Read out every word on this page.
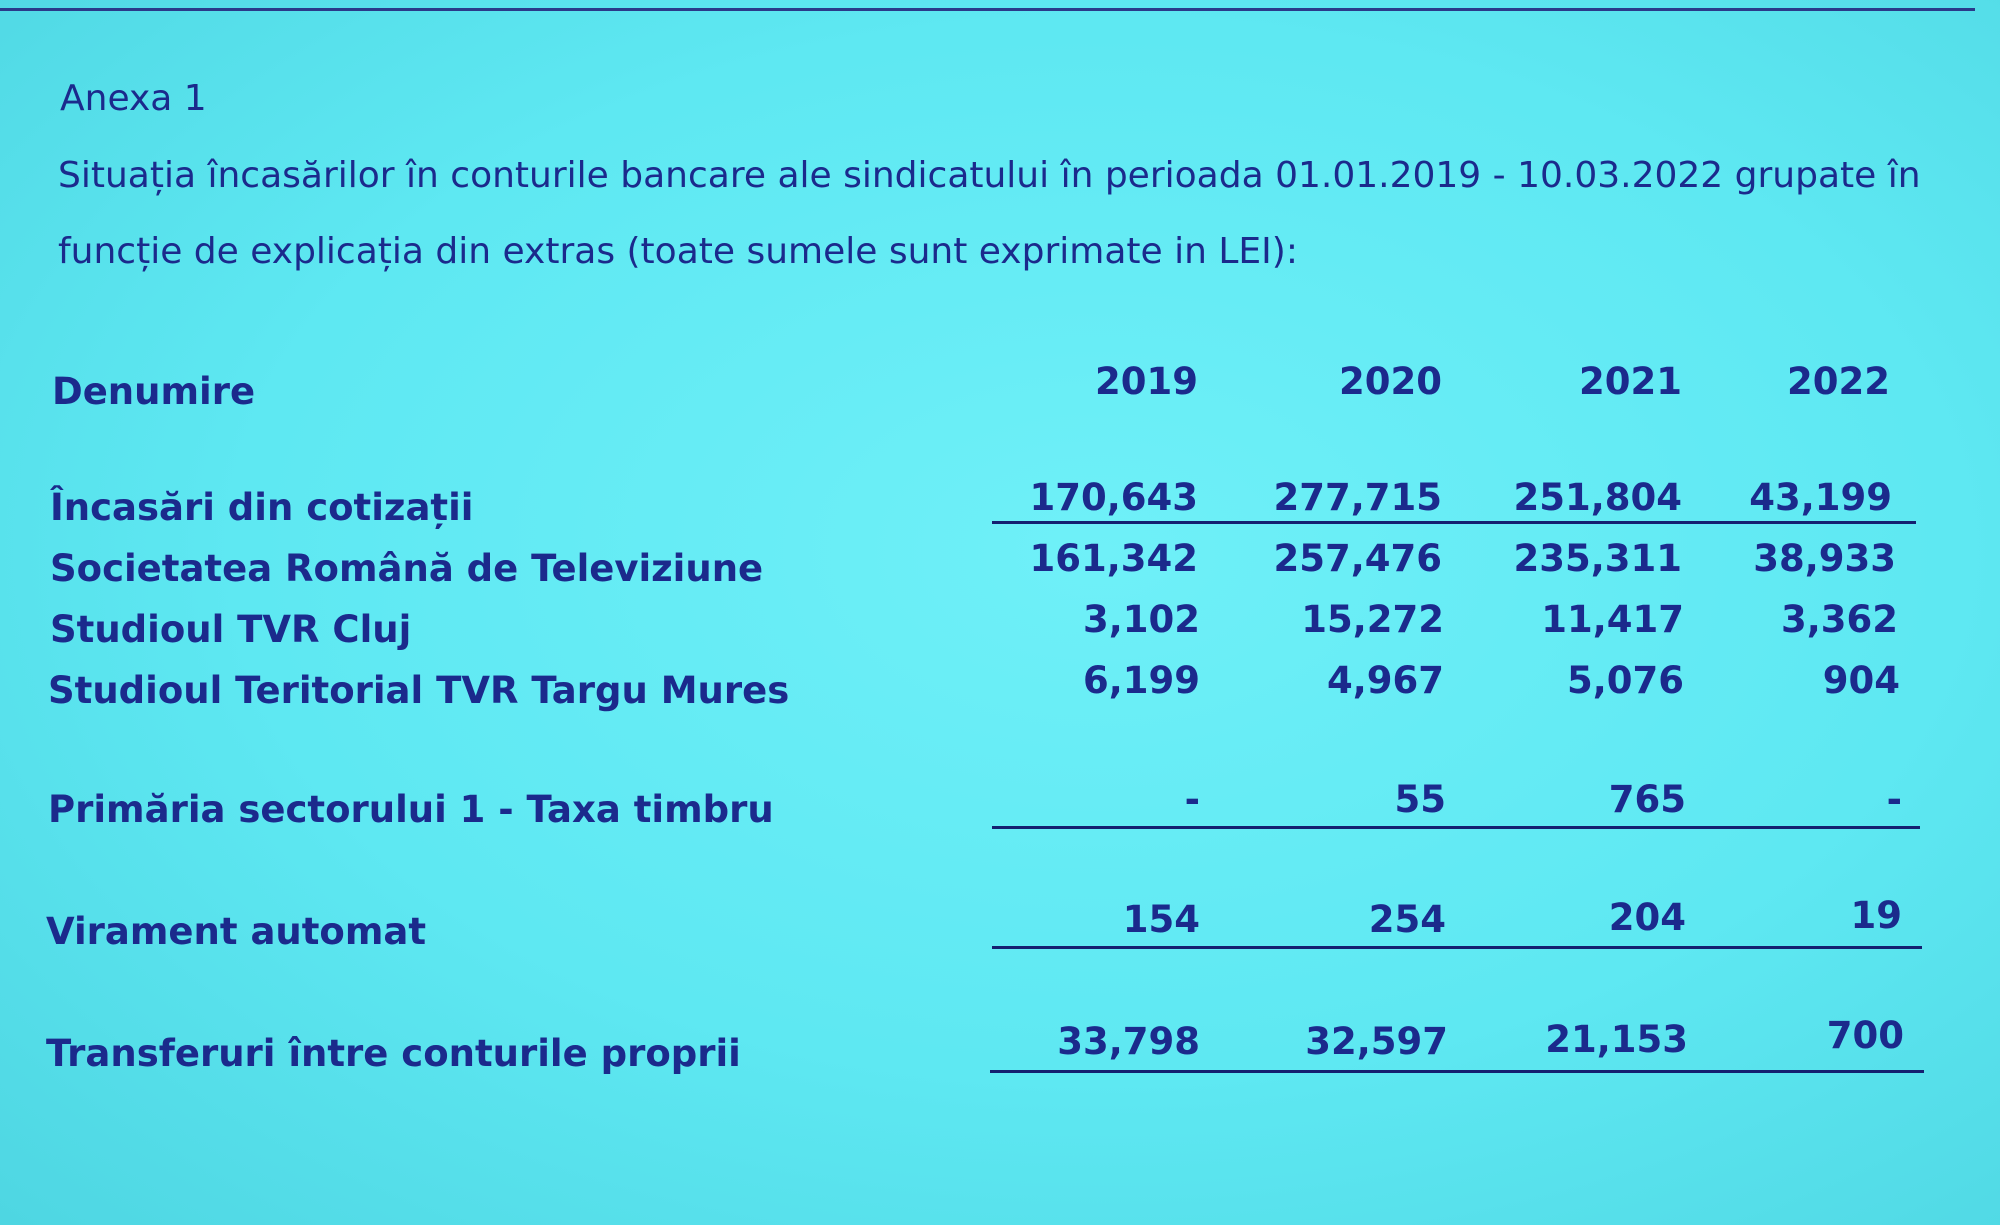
Anexa 1
Situația încasărilor în conturile bancare ale sindicatului în perioada 01.01.2019 - 10.03.2022 grupate în
funcție de explicația din extras (toate sumele sunt exprimate in LEI):
Denumire	2019	2020	2021	2022
Încasări din cotizații	170,643	277,715	251,804	43,199
Societatea Română de Televiziune	161,342	257,476	235,311	38,933
Studioul TVR Cluj	3,102	15,272	11,417	3,362
Studioul Teritorial TVR Targu Mures	6,199	4,967	5,076	904
Primăria sectorului 1 - Taxa timbru	-	55	765	-
Virament automat	154	254	204	19
Transferuri între conturile proprii	33,798	32,597	21,153	700
